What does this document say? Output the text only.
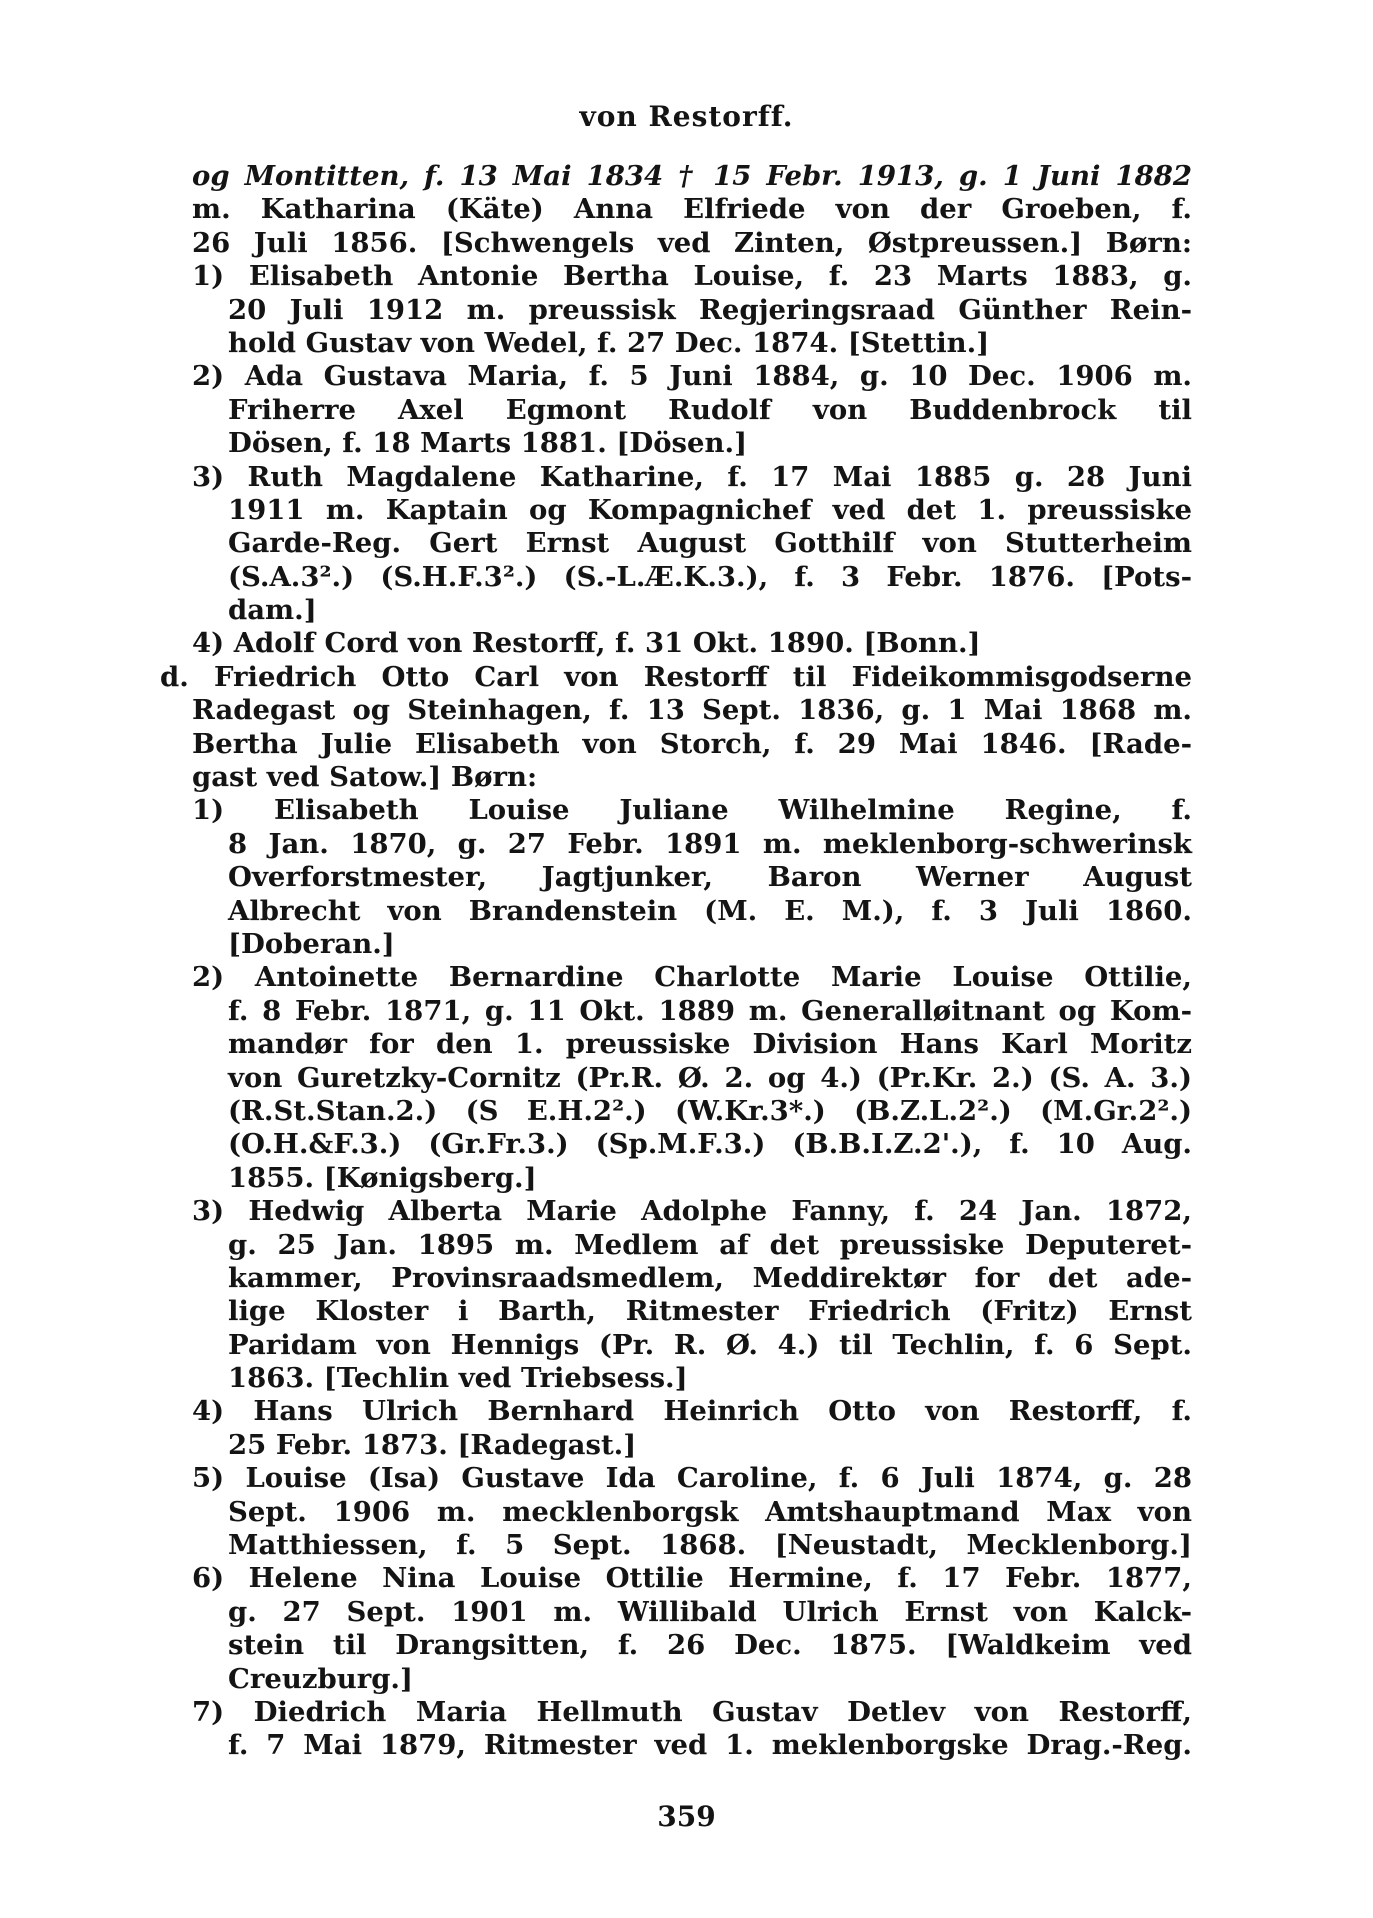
von Restorff.
og Montitten, f. 13 Mai 1834 † 15 Febr. 1913, g. 1 Juni 1882
m. Katharina (Käte) Anna Elfriede von der Groeben, f.
26 Juli 1856. [Schwengels ved Zinten, Østpreussen.] Børn:
1) Elisabeth Antonie Bertha Louise, f. 23 Marts 1883, g.
20 Juli 1912 m. preussisk Regjeringsraad Günther Rein-
hold Gustav von Wedel, f. 27 Dec. 1874. [Stettin.]
2) Ada Gustava Maria, f. 5 Juni 1884, g. 10 Dec. 1906 m.
Friherre Axel Egmont Rudolf von Buddenbrock til
Dösen, f. 18 Marts 1881. [Dösen.]
3) Ruth Magdalene Katharine, f. 17 Mai 1885 g. 28 Juni
1911 m. Kaptain og Kompagnichef ved det 1. preussiske
Garde-Reg. Gert Ernst August Gotthilf von Stutterheim
(S.A.3².) (S.H.F.3².) (S.-L.Æ.K.3.), f. 3 Febr. 1876. [Pots-
dam.]
4) Adolf Cord von Restorff, f. 31 Okt. 1890. [Bonn.]
d. Friedrich Otto Carl von Restorff til Fideikommisgodserne
Radegast og Steinhagen, f. 13 Sept. 1836, g. 1 Mai 1868 m.
Bertha Julie Elisabeth von Storch, f. 29 Mai 1846. [Rade-
gast ved Satow.] Børn:
1) Elisabeth Louise Juliane Wilhelmine Regine, f.
8 Jan. 1870, g. 27 Febr. 1891 m. meklenborg-schwerinsk
Overforstmester, Jagtjunker, Baron Werner August
Albrecht von Brandenstein (M. E. M.), f. 3 Juli 1860.
[Doberan.]
2) Antoinette Bernardine Charlotte Marie Louise Ottilie,
f. 8 Febr. 1871, g. 11 Okt. 1889 m. Generalløitnant og Kom-
mandør for den 1. preussiske Division Hans Karl Moritz
von Guretzky-Cornitz (Pr.R. Ø. 2. og 4.) (Pr.Kr. 2.) (S. A. 3.)
(R.St.Stan.2.) (S E.H.2².) (W.Kr.3*.) (B.Z.L.2².) (M.Gr.2².)
(O.H.&F.3.) (Gr.Fr.3.) (Sp.M.F.3.) (B.B.I.Z.2'.), f. 10 Aug.
1855. [Kønigsberg.]
3) Hedwig Alberta Marie Adolphe Fanny, f. 24 Jan. 1872,
g. 25 Jan. 1895 m. Medlem af det preussiske Deputeret-
kammer, Provinsraadsmedlem, Meddirektør for det ade-
lige Kloster i Barth, Ritmester Friedrich (Fritz) Ernst
Paridam von Hennigs (Pr. R. Ø. 4.) til Techlin, f. 6 Sept.
1863. [Techlin ved Triebsess.]
4) Hans Ulrich Bernhard Heinrich Otto von Restorff, f.
25 Febr. 1873. [Radegast.]
5) Louise (Isa) Gustave Ida Caroline, f. 6 Juli 1874, g. 28
Sept. 1906 m. mecklenborgsk Amtshauptmand Max von
Matthiessen, f. 5 Sept. 1868. [Neustadt, Mecklenborg.]
6) Helene Nina Louise Ottilie Hermine, f. 17 Febr. 1877,
g. 27 Sept. 1901 m. Willibald Ulrich Ernst von Kalck-
stein til Drangsitten, f. 26 Dec. 1875. [Waldkeim ved
Creuzburg.]
7) Diedrich Maria Hellmuth Gustav Detlev von Restorff,
f. 7 Mai 1879, Ritmester ved 1. meklenborgske Drag.-Reg.
359
